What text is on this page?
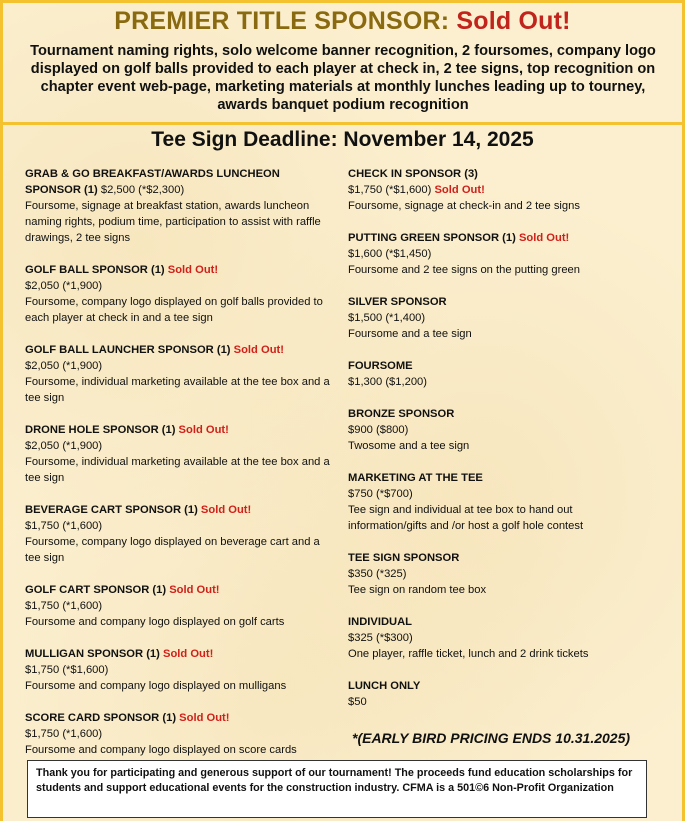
PREMIER TITLE SPONSOR: Sold Out!
Tournament naming rights, solo welcome banner recognition, 2 foursomes, company logo displayed on golf balls provided to each player at check in, 2 tee signs, top recognition on chapter event web-page, marketing materials at monthly lunches leading up to tourney, awards banquet podium recognition
Tee Sign Deadline: November 14, 2025
GRAB & GO BREAKFAST/AWARDS LUNCHEON SPONSOR (1) $2,500 (*$2,300)
Foursome, signage at breakfast station, awards luncheon naming rights, podium time, participation to assist with raffle drawings, 2 tee signs
GOLF BALL SPONSOR (1) Sold Out!
$2,050 (*1,900)
Foursome, company logo displayed on golf balls provided to each player at check in and a tee sign
GOLF BALL LAUNCHER SPONSOR (1) Sold Out!
$2,050 (*1,900)
Foursome, individual marketing available at the tee box and a tee sign
DRONE HOLE SPONSOR (1) Sold Out!
$2,050 (*1,900)
Foursome, individual marketing available at the tee box and a tee sign
BEVERAGE CART SPONSOR (1) Sold Out!
$1,750 (*1,600)
Foursome, company logo displayed on beverage cart and a tee sign
GOLF CART SPONSOR (1) Sold Out!
$1,750 (*1,600)
Foursome and company logo displayed on golf carts
MULLIGAN SPONSOR (1) Sold Out!
$1,750 (*$1,600)
Foursome and company logo displayed on mulligans
SCORE CARD SPONSOR (1) Sold Out!
$1,750 (*1,600)
Foursome and company logo displayed on score cards
CHECK IN SPONSOR (3)
$1,750 (*$1,600) Sold Out!
Foursome, signage at check-in and 2 tee signs
PUTTING GREEN SPONSOR (1) Sold Out!
$1,600 (*$1,450)
Foursome and 2 tee signs on the putting green
SILVER SPONSOR
$1,500 (*1,400)
Foursome and a tee sign
FOURSOME
$1,300 ($1,200)
BRONZE SPONSOR
$900 ($800)
Twosome and a tee sign
MARKETING AT THE TEE
$750 (*$700)
Tee sign and individual at tee box to hand out information/gifts and /or host a golf hole contest
TEE SIGN SPONSOR
$350 (*325)
Tee sign on random tee box
INDIVIDUAL
$325 (*$300)
One player, raffle ticket, lunch and 2 drink tickets
LUNCH ONLY
$50
*(EARLY BIRD PRICING ENDS 10.31.2025)
Thank you for participating and generous support of our tournament! The proceeds fund education scholarships for students and support educational events for the construction industry. CFMA is a 501©6 Non-Profit Organization
